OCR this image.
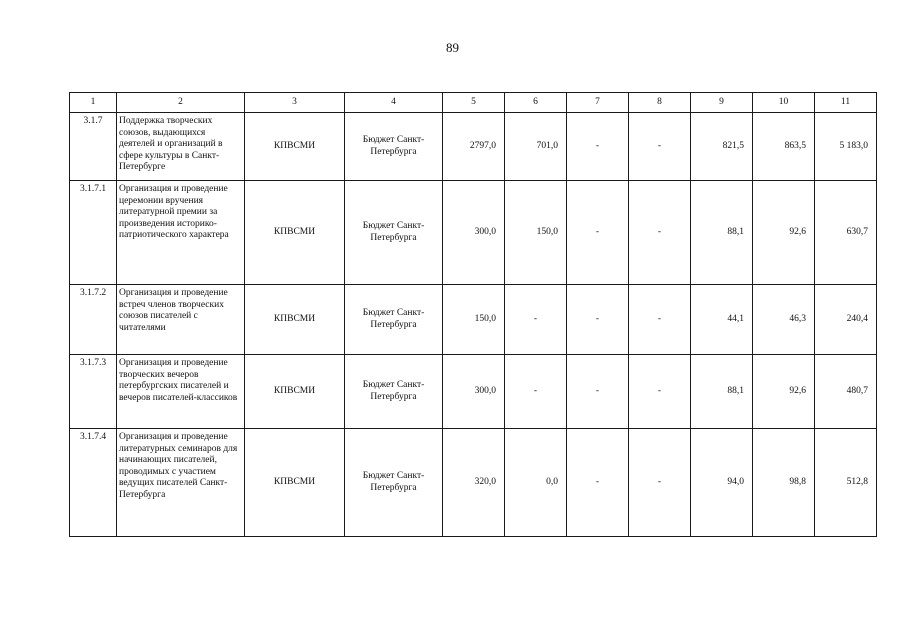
89
1	2	3	4	5	6	7	8	9	10	11
3.1.7	Поддержка творческих союзов, выдающихся деятелей и организаций в сфере культуры в Санкт-Петербурге	КПВСМИ	Бюджет Санкт-Петербурга	2797,0	701,0	-	-	821,5	863,5	5 183,0
3.1.7.1	Организация и проведение церемонии вручения литературной премии за произведения историко-патриотического характера	КПВСМИ	Бюджет Санкт-Петербурга	300,0	150,0	-	-	88,1	92,6	630,7
3.1.7.2	Организация и проведение встреч членов творческих союзов писателей с читателями	КПВСМИ	Бюджет Санкт-Петербурга	150,0	-	-	-	44,1	46,3	240,4
3.1.7.3	Организация и проведение творческих вечеров петербургских писателей и вечеров писателей-классиков	КПВСМИ	Бюджет Санкт-Петербурга	300,0	-	-	-	88,1	92,6	480,7
3.1.7.4	Организация и проведение литературных семинаров для начинающих писателей, проводимых с участием ведущих писателей Санкт-Петербурга	КПВСМИ	Бюджет Санкт-Петербурга	320,0	0,0	-	-	94,0	98,8	512,8
